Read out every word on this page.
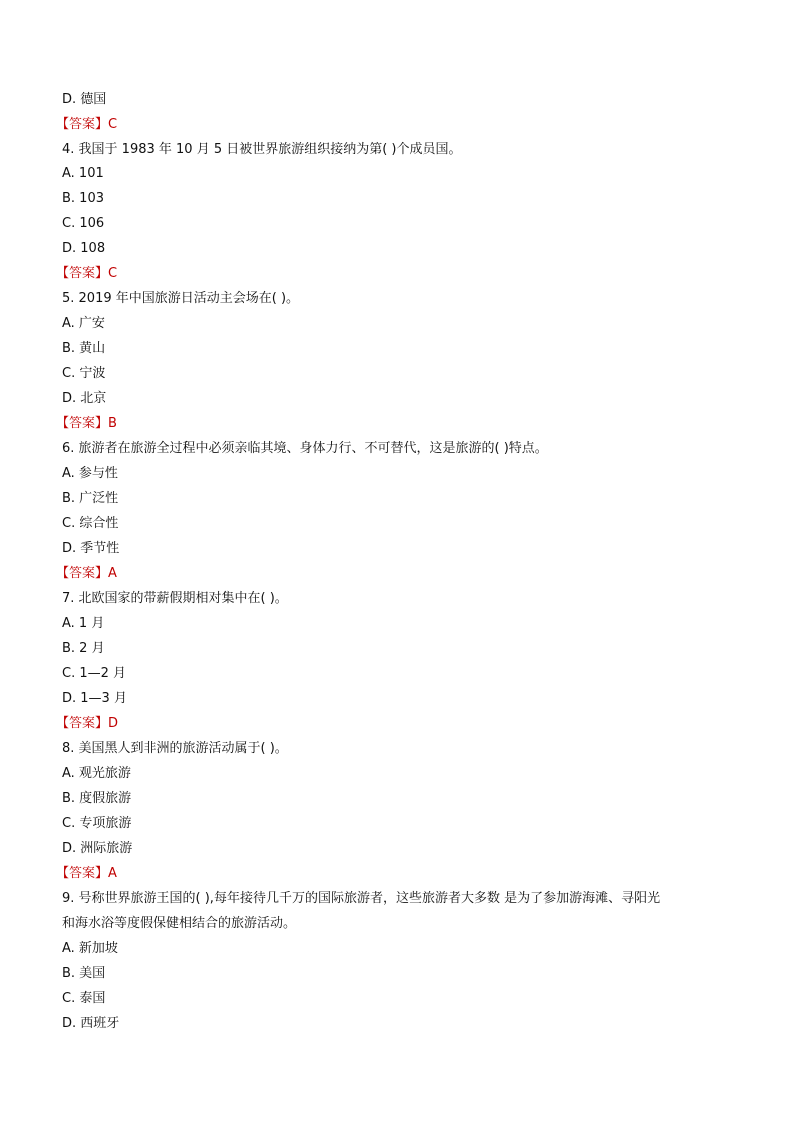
D. 德国
【答案】C
4. 我国于 1983 年 10 月 5 日被世界旅游组织接纳为第( )个成员国。
A. 101
B. 103
C. 106
D. 108
【答案】C
5. 2019 年中国旅游日活动主会场在( )。
A. 广安
B. 黄山
C. 宁波
D. 北京
【答案】B
6. 旅游者在旅游全过程中必须亲临其境、身体力行、不可替代，这是旅游的( )特点。
A. 参与性
B. 广泛性
C. 综合性
D. 季节性
【答案】A
7. 北欧国家的带薪假期相对集中在( )。
A. 1 月
B. 2 月
C. 1—2 月
D. 1—3 月
【答案】D
8. 美国黑人到非洲的旅游活动属于( )。
A. 观光旅游
B. 度假旅游
C. 专项旅游
D. 洲际旅游
【答案】A
9. 号称世界旅游王国的( ),每年接待几千万的国际旅游者，这些旅游者大多数 是为了参加游海滩、寻阳光
和海水浴等度假保健相结合的旅游活动。
A. 新加坡
B. 美国
C. 泰国
D. 西班牙
